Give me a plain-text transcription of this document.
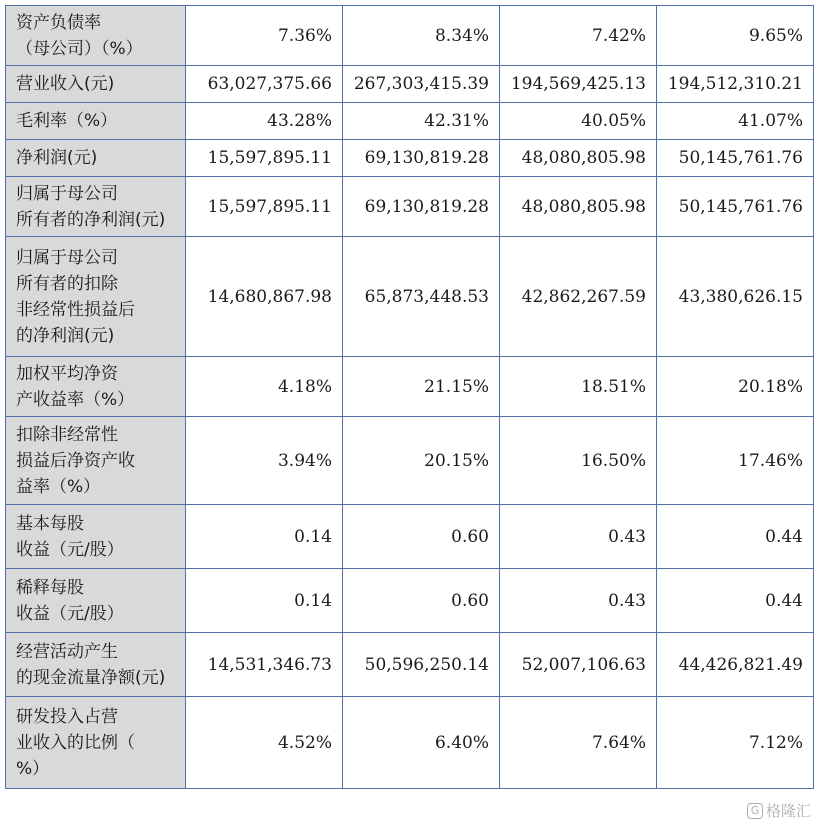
资产负债率
（母公司）（%）	7.36%	8.34%	7.42%	9.65%
营业收入(元)	63,027,375.66	267,303,415.39	194,569,425.13	194,512,310.21
毛利率（%）	43.28%	42.31%	40.05%	41.07%
净利润(元)	15,597,895.11	69,130,819.28	48,080,805.98	50,145,761.76
归属于母公司
所有者的净利润(元)	15,597,895.11	69,130,819.28	48,080,805.98	50,145,761.76
归属于母公司
所有者的扣除
非经常性损益后
的净利润(元)	14,680,867.98	65,873,448.53	42,862,267.59	43,380,626.15
加权平均净资
产收益率（%）	4.18%	21.15%	18.51%	20.18%
扣除非经常性
损益后净资产收
益率（%）	3.94%	20.15%	16.50%	17.46%
基本每股
收益（元/股）	0.14	0.60	0.43	0.44
稀释每股
收益（元/股）	0.14	0.60	0.43	0.44
经营活动产生
的现金流量净额(元)	14,531,346.73	50,596,250.14	52,007,106.63	44,426,821.49
研发投入占营
业收入的比例（
%）	4.52%	6.40%	7.64%	7.12%
G 格隆汇
